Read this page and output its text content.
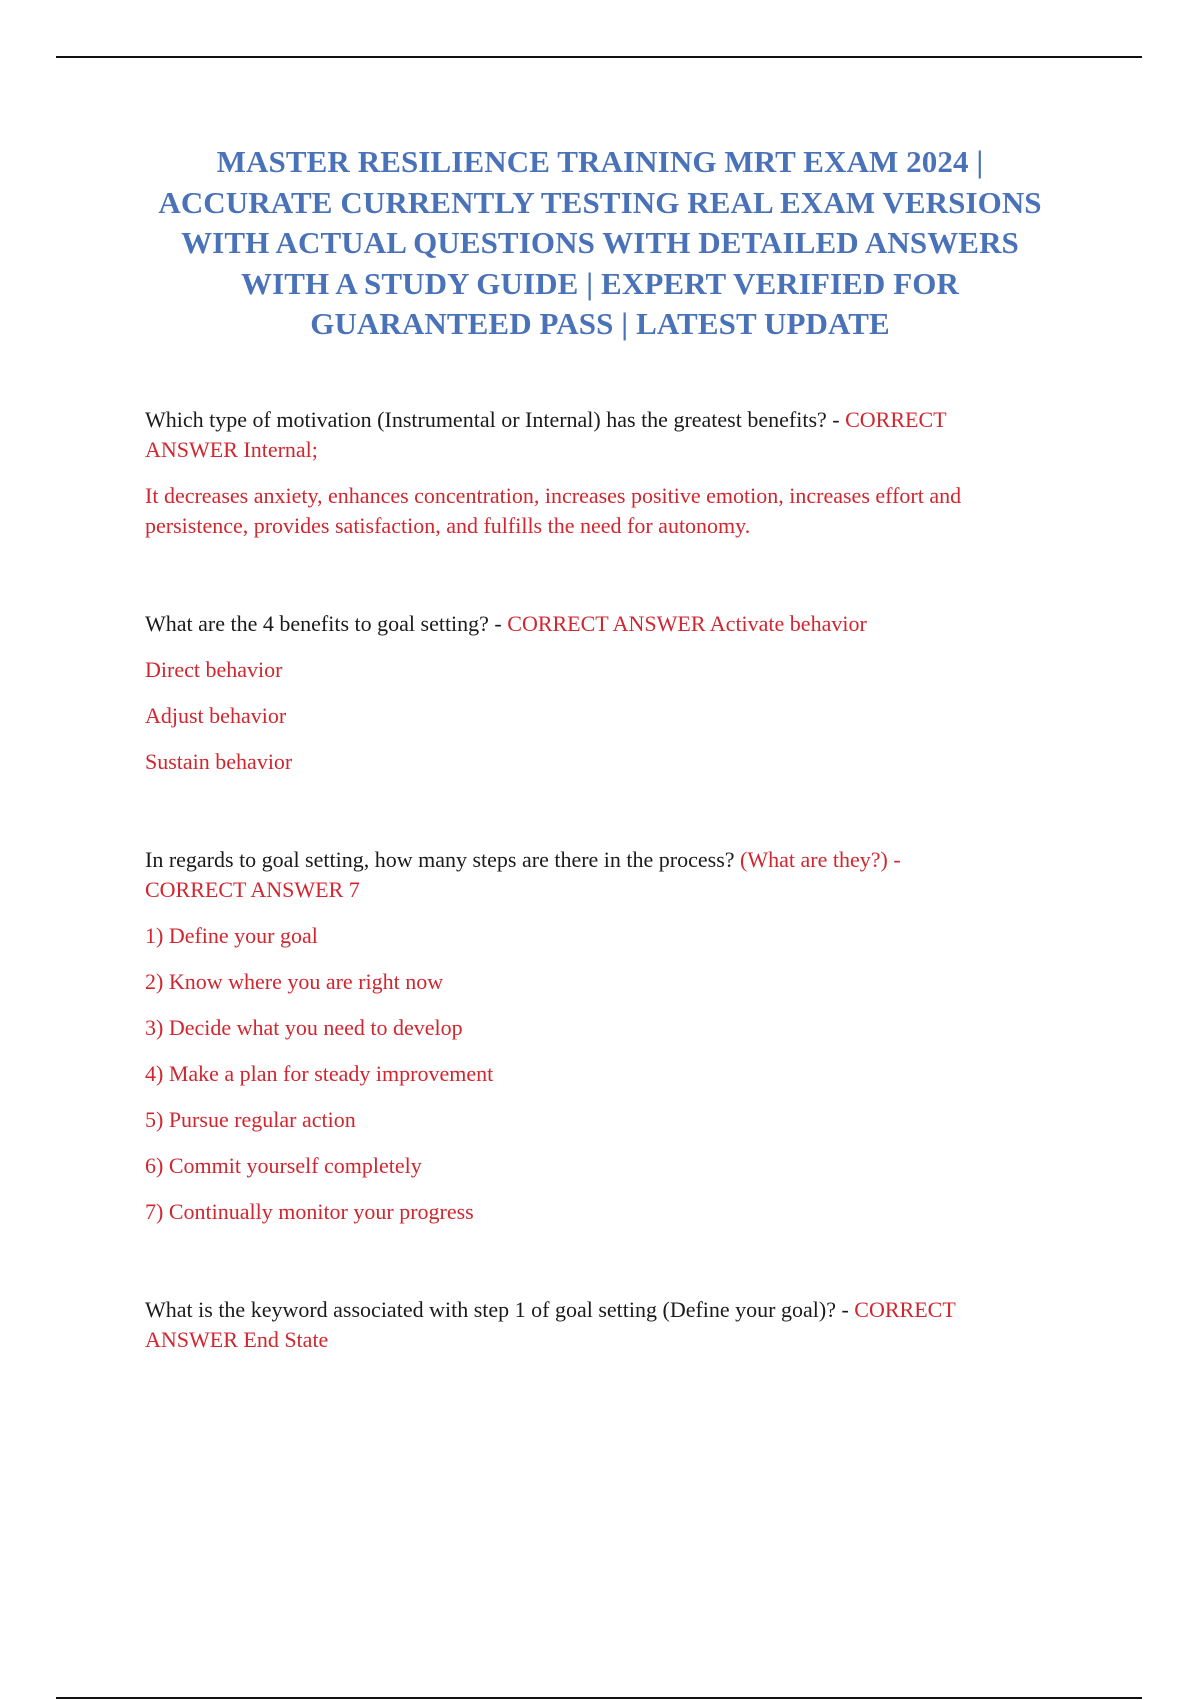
MASTER RESILIENCE TRAINING MRT EXAM 2024 |
ACCURATE CURRENTLY TESTING REAL EXAM VERSIONS
WITH ACTUAL QUESTIONS WITH DETAILED ANSWERS
WITH A STUDY GUIDE | EXPERT VERIFIED FOR
GUARANTEED PASS | LATEST UPDATE

Which type of motivation (Instrumental or Internal) has the greatest benefits? - CORRECT

ANSWER Internal;

It decreases anxiety, enhances concentration, increases positive emotion, increases effort and

persistence, provides satisfaction, and fulfills the need for autonomy.

What are the 4 benefits to goal setting? - CORRECT ANSWER Activate behavior

Direct behavior

Adjust behavior

Sustain behavior

In regards to goal setting, how many steps are there in the process? (What are they?) -

CORRECT ANSWER 7

1) Define your goal

2) Know where you are right now

3) Decide what you need to develop

4) Make a plan for steady improvement

5) Pursue regular action

6) Commit yourself completely

7) Continually monitor your progress

What is the keyword associated with step 1 of goal setting (Define your goal)? - CORRECT

ANSWER End State
